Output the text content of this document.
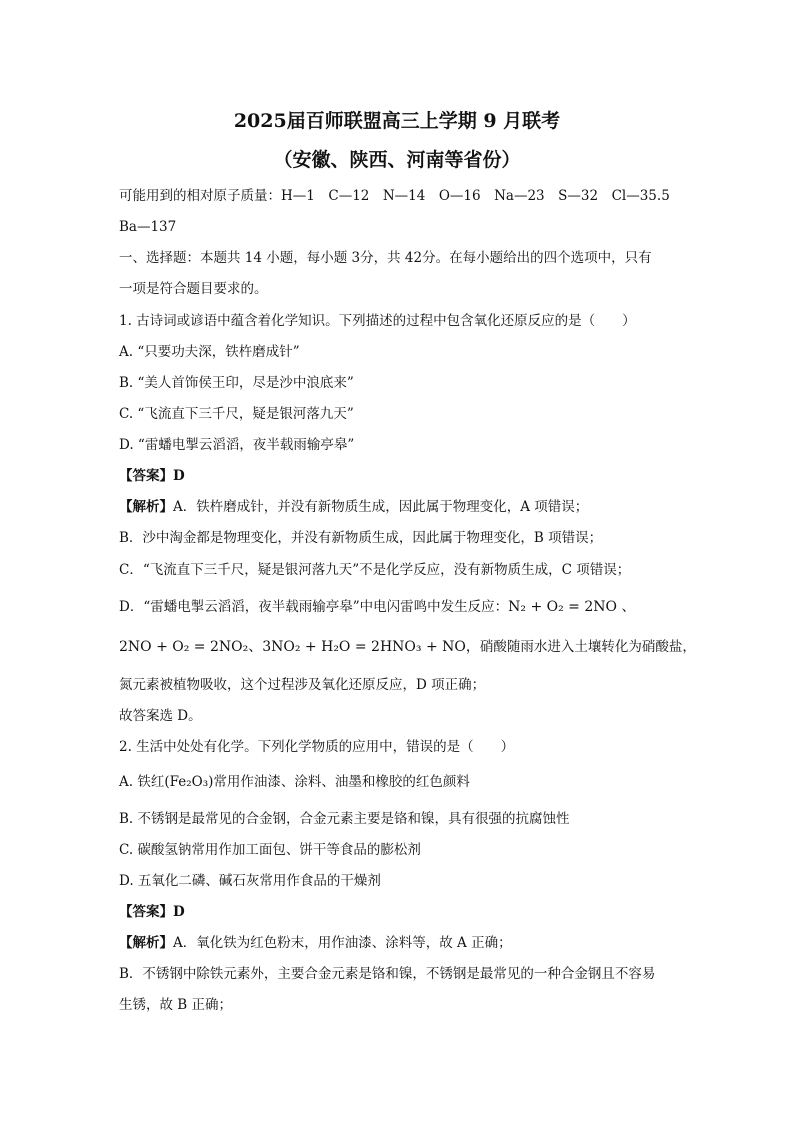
2025届百师联盟高三上学期 9 月联考
（安徽、陕西、河南等省份）
可能用到的相对原子质量：H—1　C—12　N—14　O—16　Na—23　S—32　Cl—35.5
Ba—137
一、选择题：本题共 14 小题，每小题 3分，共 42分。在每小题给出的四个选项中，只有
一项是符合题目要求的。
1. 古诗词或谚语中蕴含着化学知识。下列描述的过程中包含氧化还原反应的是（　　）
A. “只要功夫深，铁杵磨成针”
B. “美人首饰侯王印，尽是沙中浪底来”
C. “飞流直下三千尺，疑是银河落九天”
D. “雷蟠电掣云滔滔，夜半载雨输亭皋”
【答案】D
【解析】A．铁杵磨成针，并没有新物质生成，因此属于物理变化，A 项错误；
B．沙中淘金都是物理变化，并没有新物质生成，因此属于物理变化，B 项错误；
C．“飞流直下三千尺，疑是银河落九天”不是化学反应，没有新物质生成，C 项错误；
D．“雷蟠电掣云滔滔，夜半载雨输亭皋”中电闪雷鸣中发生反应：N₂ + O₂ = 2NO 、
2NO + O₂ = 2NO₂、3NO₂ + H₂O = 2HNO₃ + NO，硝酸随雨水进入土壤转化为硝酸盐，
氮元素被植物吸收，这个过程涉及氧化还原反应，D 项正确；
故答案选 D。
2. 生活中处处有化学。下列化学物质的应用中，错误的是（　　）
A. 铁红(Fe₂O₃)常用作油漆、涂料、油墨和橡胶的红色颜料
B. 不锈钢是最常见的合金钢，合金元素主要是铬和镍，具有很强的抗腐蚀性
C. 碳酸氢钠常用作加工面包、饼干等食品的膨松剂
D. 五氧化二磷、碱石灰常用作食品的干燥剂
【答案】D
【解析】A．氧化铁为红色粉末，用作油漆、涂料等，故 A 正确；
B．不锈钢中除铁元素外，主要合金元素是铬和镍，不锈钢是最常见的一种合金钢且不容易
生锈，故 B 正确；
